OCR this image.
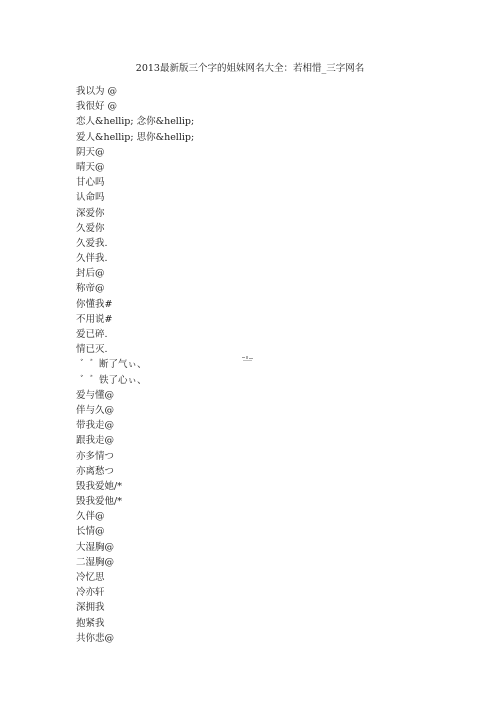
2013最新版三个字的姐妹网名大全：若相惜_三字网名
我以为 @
我很好 @
恋人&hellip; 念你&hellip;
爱人&hellip; 思你&hellip;
阴天@
晴天@
甘心吗
认命吗
深爱你
久爱你
久爱我.
久伴我.
封后@
称帝@
你懂我#
不用说#
爱已碎.
情已灭.
゛゛断了气ぃ、
゛゛铁了心ぃ、
爱与懂@
伴与久@
带我走@
跟我走@
亦多情つ
亦离愁つ
毁我爱她/*
毁我爱他/*
久伴@
长情@
大湿胸@
二湿胸@
冷忆思
冷亦轩
深拥我
抱紧我
共你悲@
